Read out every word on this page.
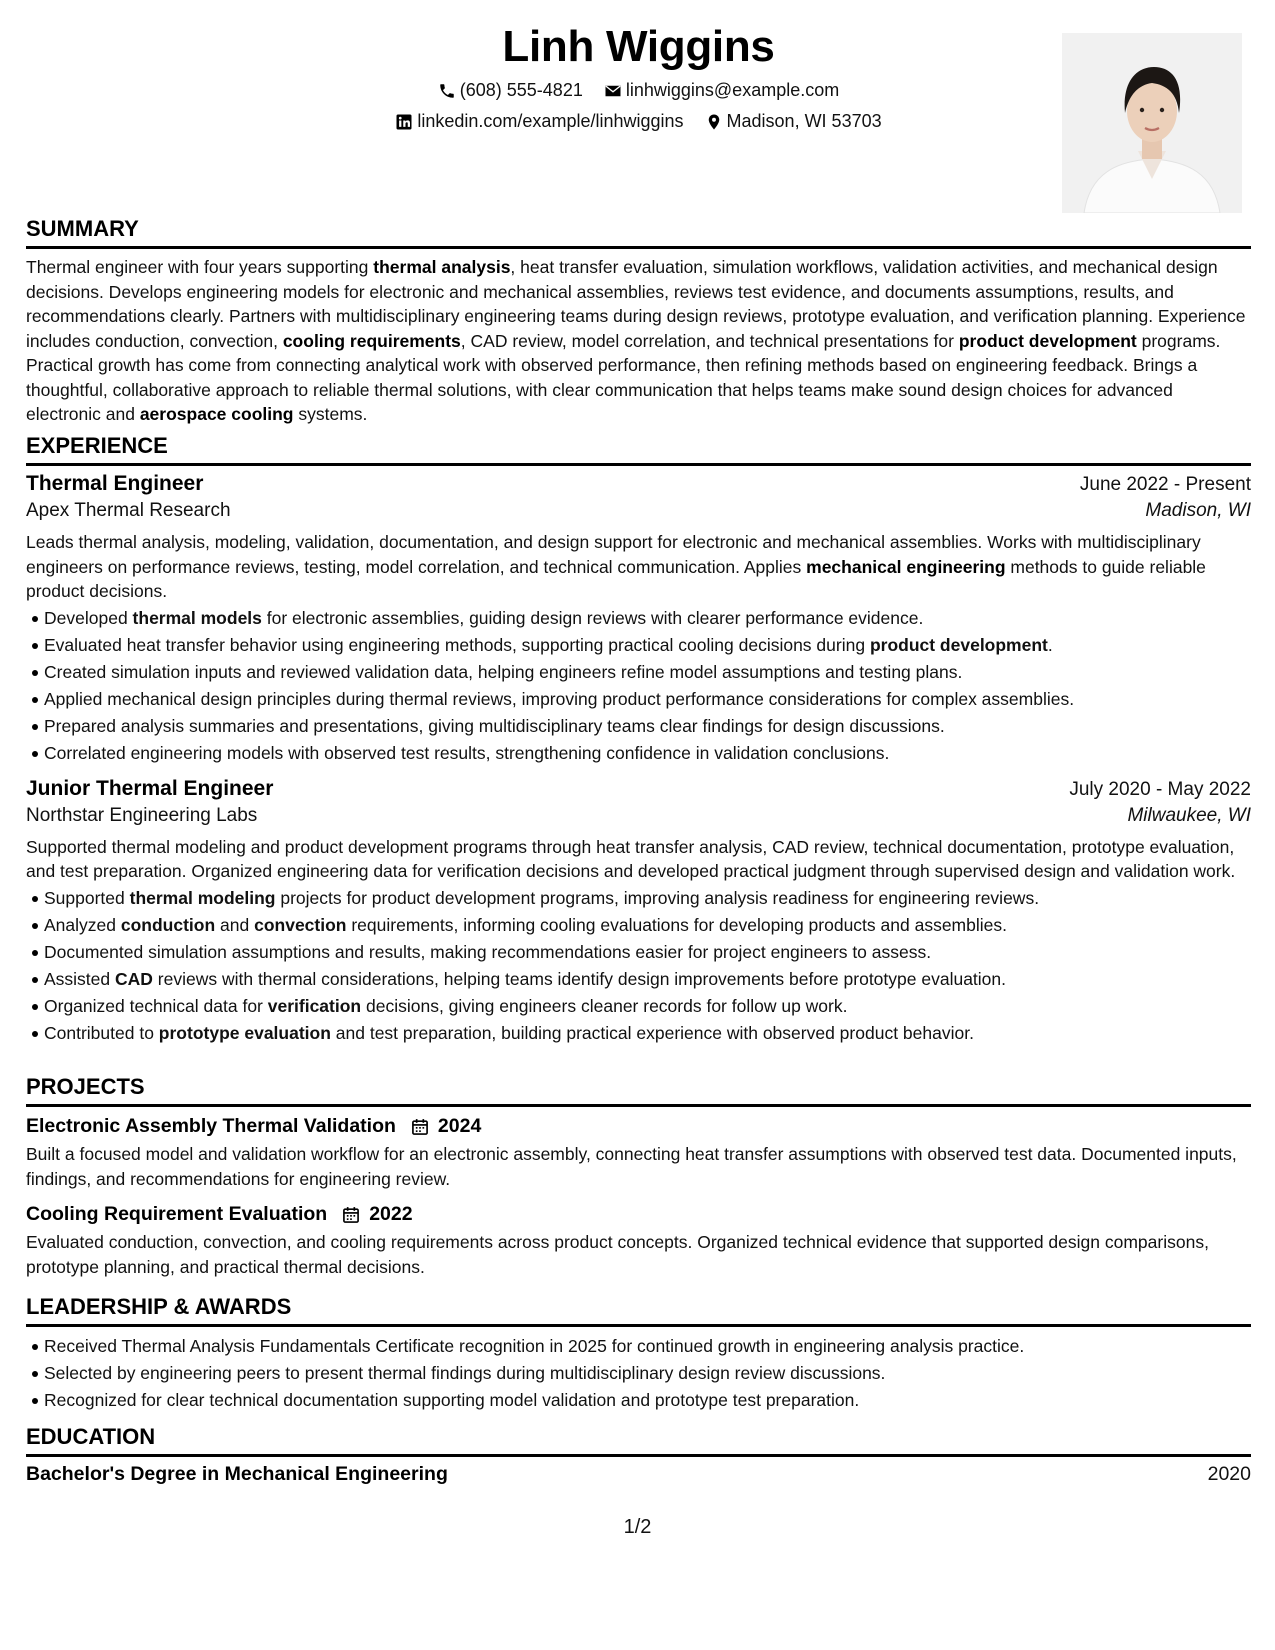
Linh Wiggins
(608) 555-4821
linhwiggins@example.com
linkedin.com/example/linhwiggins
Madison, WI 53703
SUMMARY
Thermal engineer with four years supporting thermal analysis, heat transfer evaluation, simulation workflows, validation activities, and mechanical design decisions. Develops engineering models for electronic and mechanical assemblies, reviews test evidence, and documents assumptions, results, and recommendations clearly. Partners with multidisciplinary engineering teams during design reviews, prototype evaluation, and verification planning. Experience includes conduction, convection, cooling requirements, CAD review, model correlation, and technical presentations for product development programs. Practical growth has come from connecting analytical work with observed performance, then refining methods based on engineering feedback. Brings a thoughtful, collaborative approach to reliable thermal solutions, with clear communication that helps teams make sound design choices for advanced electronic and aerospace cooling systems.
EXPERIENCE
Thermal Engineer	June 2022 - Present
Apex Thermal Research	Madison, WI
Leads thermal analysis, modeling, validation, documentation, and design support for electronic and mechanical assemblies. Works with multidisciplinary engineers on performance reviews, testing, model correlation, and technical communication. Applies mechanical engineering methods to guide reliable product decisions.
Developed thermal models for electronic assemblies, guiding design reviews with clearer performance evidence.
Evaluated heat transfer behavior using engineering methods, supporting practical cooling decisions during product development.
Created simulation inputs and reviewed validation data, helping engineers refine model assumptions and testing plans.
Applied mechanical design principles during thermal reviews, improving product performance considerations for complex assemblies.
Prepared analysis summaries and presentations, giving multidisciplinary teams clear findings for design discussions.
Correlated engineering models with observed test results, strengthening confidence in validation conclusions.
Junior Thermal Engineer	July 2020 - May 2022
Northstar Engineering Labs	Milwaukee, WI
Supported thermal modeling and product development programs through heat transfer analysis, CAD review, technical documentation, prototype evaluation, and test preparation. Organized engineering data for verification decisions and developed practical judgment through supervised design and validation work.
Supported thermal modeling projects for product development programs, improving analysis readiness for engineering reviews.
Analyzed conduction and convection requirements, informing cooling evaluations for developing products and assemblies.
Documented simulation assumptions and results, making recommendations easier for project engineers to assess.
Assisted CAD reviews with thermal considerations, helping teams identify design improvements before prototype evaluation.
Organized technical data for verification decisions, giving engineers cleaner records for follow up work.
Contributed to prototype evaluation and test preparation, building practical experience with observed product behavior.
PROJECTS
Electronic Assembly Thermal Validation 2024
Built a focused model and validation workflow for an electronic assembly, connecting heat transfer assumptions with observed test data. Documented inputs, findings, and recommendations for engineering review.
Cooling Requirement Evaluation 2022
Evaluated conduction, convection, and cooling requirements across product concepts. Organized technical evidence that supported design comparisons, prototype planning, and practical thermal decisions.
LEADERSHIP & AWARDS
Received Thermal Analysis Fundamentals Certificate recognition in 2025 for continued growth in engineering analysis practice.
Selected by engineering peers to present thermal findings during multidisciplinary design review discussions.
Recognized for clear technical documentation supporting model validation and prototype test preparation.
EDUCATION
Bachelor's Degree in Mechanical Engineering	2020
1/2
